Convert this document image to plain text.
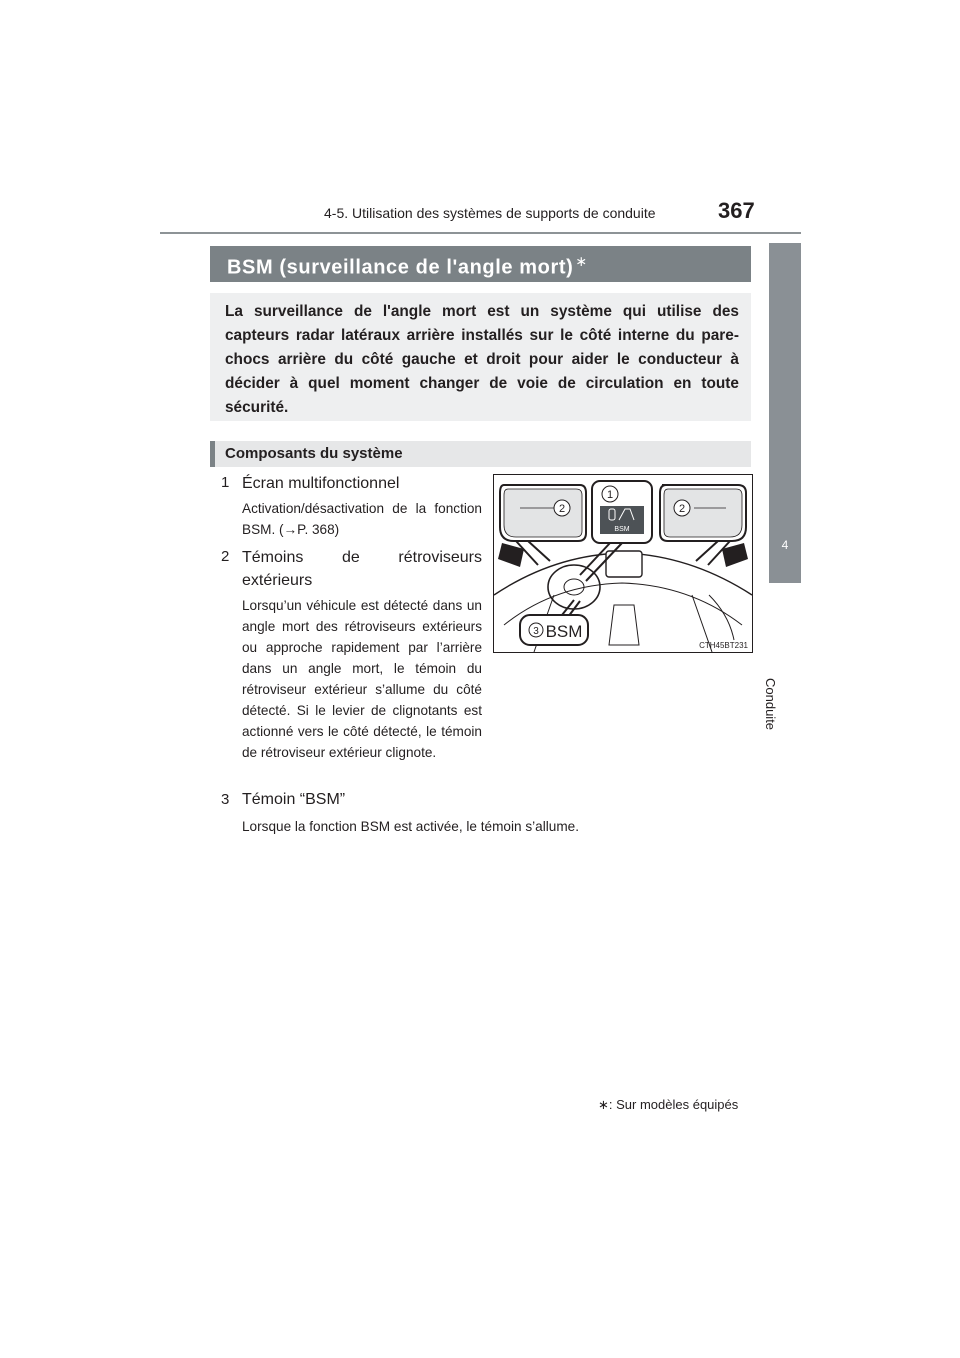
4-5. Utilisation des systèmes de supports de conduite	367
4
Conduite
BSM (surveillance de l'angle mort) ∗
La surveillance de l'angle mort est un système qui utilise des capteurs radar latéraux arrière installés sur le côté interne du pare-chocs arrière du côté gauche et droit pour aider le conducteur à décider à quel moment changer de voie de circulation en toute sécurité.
Composants du système
1 Écran multifonctionnel
Activation/désactivation de la fonction BSM. (→P. 368)
2 Témoins de rétroviseurs extérieurs
Lorsqu’un véhicule est détecté dans un angle mort des rétroviseurs extérieurs ou approche rapidement par l’arrière dans un angle mort, le témoin du rétroviseur extérieur s’allume du côté détecté. Si le levier de clignotants est actionné vers le côté détecté, le témoin de rétroviseur extérieur clignote.
3 Témoin “BSM”
Lorsque la fonction BSM est activée, le témoin s’allume.
2	2
1
BSM
3 BSM
CTH45BT231
∗: Sur modèles équipés
